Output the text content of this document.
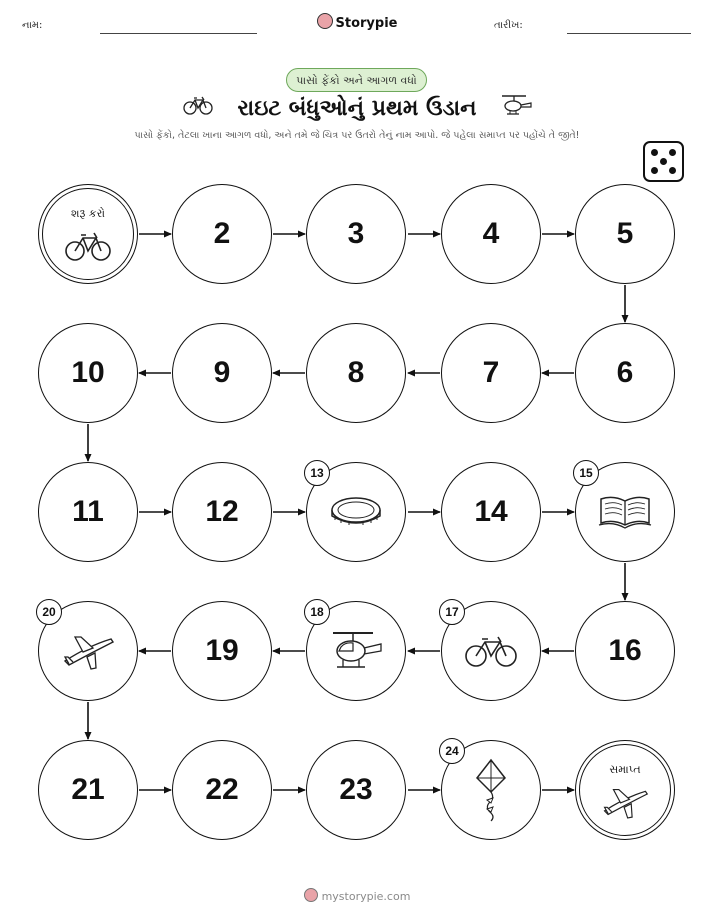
નામ:	Storypie	તારીખ:
પાસો ફેંકો અને આગળ વધો
રાઇટ બંધુઓનું પ્રથમ ઉડાન
પાસો ફેંકો, તેટલા ખાના આગળ વધો, અને તમે જે ચિત્ર પર ઉતરો તેનું નામ આપો. જે પહેલા સમાપ્ત પર પહોંચે તે જીતે!
શરૂ કરો
2	3	4	5
6
7
8
9
10
11	12
13
14
15
16
17
18
19
20
21	22	23
24
સમાપ્ત
mystorypie.com
